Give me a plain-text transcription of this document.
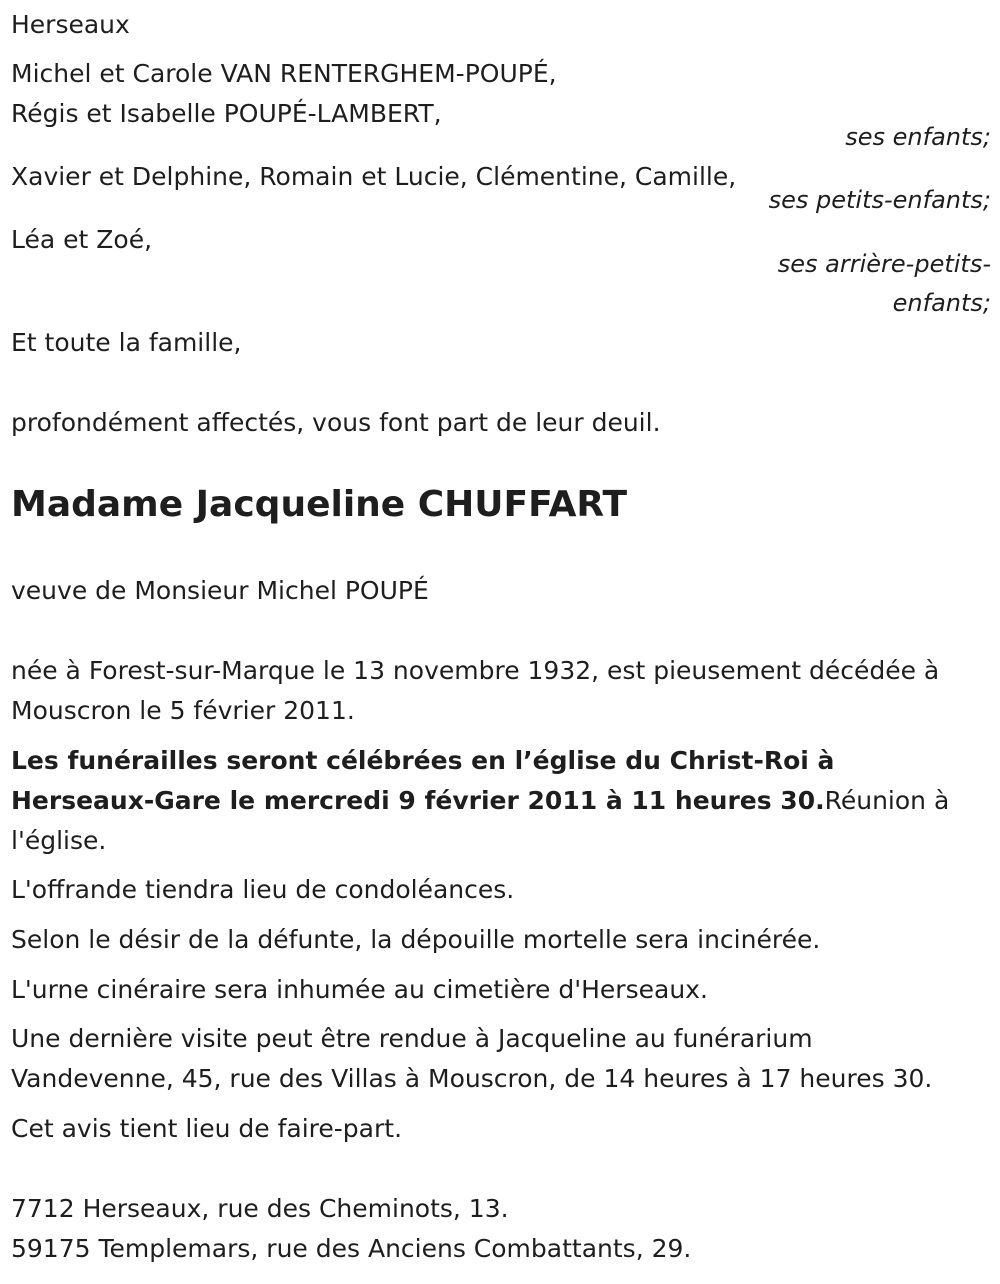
Herseaux
Michel et Carole VAN RENTERGHEM-POUPÉ,
Régis et Isabelle POUPÉ-LAMBERT,
ses enfants;
Xavier et Delphine, Romain et Lucie, Clémentine, Camille,
ses petits-enfants;
Léa et Zoé,
ses arrière-petits-
enfants;
Et toute la famille,
profondément affectés, vous font part de leur deuil.
Madame Jacqueline CHUFFART
veuve de Monsieur Michel POUPÉ
née à Forest-sur-Marque le 13 novembre 1932, est pieusement décédée à
Mouscron le 5 février 2011.
Les funérailles seront célébrées en l’église du Christ-Roi à
Herseaux-Gare le mercredi 9 février 2011 à 11 heures 30.Réunion à
l'église.
L'offrande tiendra lieu de condoléances.
Selon le désir de la défunte, la dépouille mortelle sera incinérée.
L'urne cinéraire sera inhumée au cimetière d'Herseaux.
Une dernière visite peut être rendue à Jacqueline au funérarium
Vandevenne, 45, rue des Villas à Mouscron, de 14 heures à 17 heures 30.
Cet avis tient lieu de faire-part.
7712 Herseaux, rue des Cheminots, 13.
59175 Templemars, rue des Anciens Combattants, 29.
